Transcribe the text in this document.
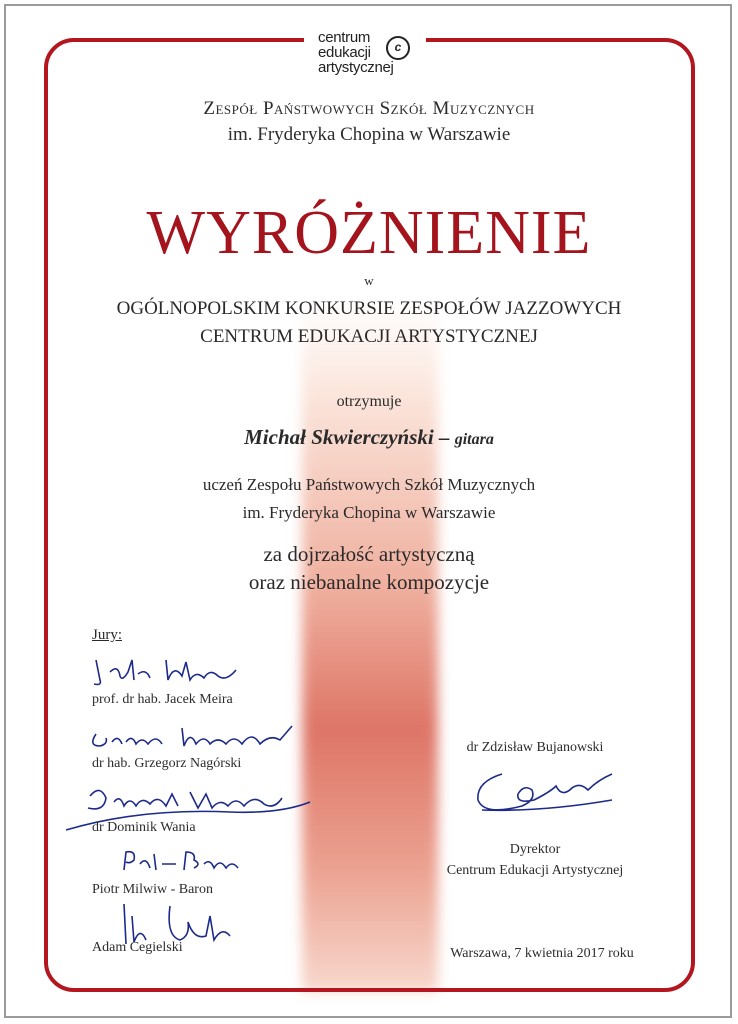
centrum
edukacji
artystycznej
c
Zespół Państwowych Szkół Muzycznych
im. Fryderyka Chopina w Warszawie
WYRÓŻNIENIE
w
OGÓLNOPOLSKIM KONKURSIE ZESPOŁÓW JAZZOWYCH
CENTRUM EDUKACJI ARTYSTYCZNEJ
otrzymuje
Michał Skwierczyński – gitara
uczeń Zespołu Państwowych Szkół Muzycznych
im. Fryderyka Chopina w Warszawie
za dojrzałość artystyczną
oraz niebanalne kompozycje
Jury:
prof. dr hab. Jacek Meira
dr hab. Grzegorz Nagórski
dr Dominik Wania
Piotr Milwiw - Baron
Adam Cegielski
dr Zdzisław Bujanowski
Dyrektor
Centrum Edukacji Artystycznej
Warszawa, 7 kwietnia 2017 roku
